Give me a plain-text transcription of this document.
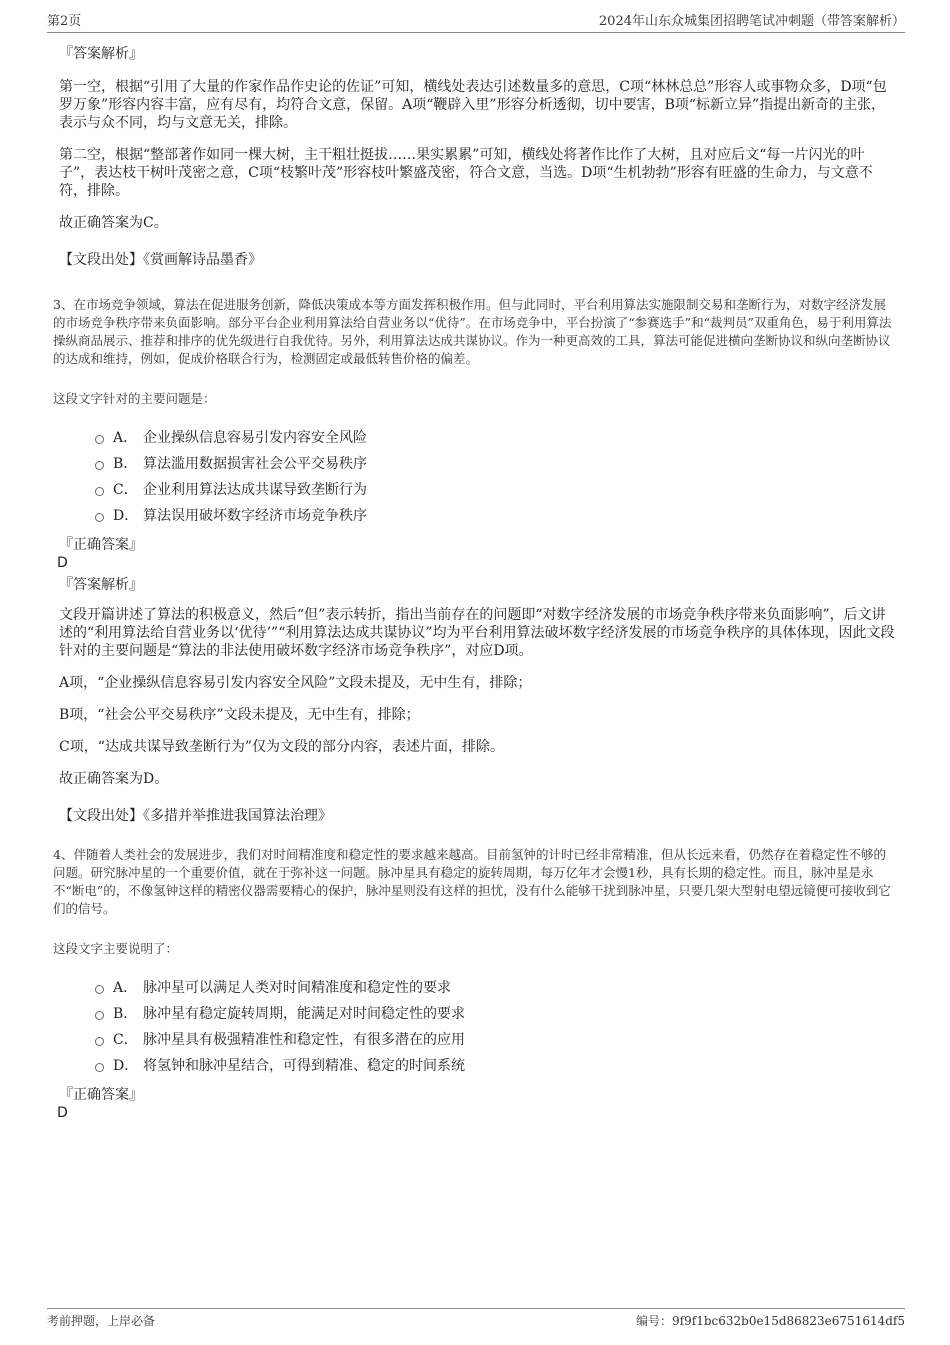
第2页	2024年山东众城集团招聘笔试冲刺题（带答案解析）
『答案解析』
第一空，根据“引用了大量的作家作品作史论的佐证”可知，横线处表达引述数量多的意思，C项“林林总总”形容人或事物众多，D项“包罗万象”形容内容丰富，应有尽有，均符合文意，保留。A项“鞭辟入里”形容分析透彻，切中要害，B项“标新立异”指提出新奇的主张，表示与众不同，均与文意无关，排除。
第二空，根据“整部著作如同一棵大树，主干粗壮挺拔……果实累累”可知，横线处将著作比作了大树，且对应后文“每一片闪光的叶子”，表达枝干树叶茂密之意，C项“枝繁叶茂”形容枝叶繁盛茂密，符合文意，当选。D项“生机勃勃”形容有旺盛的生命力，与文意不符，排除。
故正确答案为C。
【文段出处】《赏画解诗品墨香》
3、在市场竞争领域，算法在促进服务创新，降低决策成本等方面发挥积极作用。但与此同时，平台利用算法实施限制交易和垄断行为，对数字经济发展的市场竞争秩序带来负面影响。部分平台企业利用算法给自营业务以“优待”。在市场竞争中，平台扮演了“参赛选手”和“裁判员”双重角色，易于利用算法操纵商品展示、推荐和排序的优先级进行自我优待。另外，利用算法达成共谋协议。作为一种更高效的工具，算法可能促进横向垄断协议和纵向垄断协议的达成和维持，例如，促成价格联合行为，检测固定或最低转售价格的偏差。
这段文字针对的主要问题是：
A． 企业操纵信息容易引发内容安全风险
B． 算法滥用数据损害社会公平交易秩序
C． 企业利用算法达成共谋导致垄断行为
D． 算法误用破坏数字经济市场竞争秩序
『正确答案』
D
『答案解析』
文段开篇讲述了算法的积极意义，然后“但”表示转折，指出当前存在的问题即“对数字经济发展的市场竞争秩序带来负面影响”，后文讲述的“利用算法给自营业务以‘优待’”“利用算法达成共谋协议”均为平台利用算法破坏数字经济发展的市场竞争秩序的具体体现，因此文段针对的主要问题是“算法的非法使用破坏数字经济市场竞争秩序”，对应D项。
A项，“企业操纵信息容易引发内容安全风险”文段未提及，无中生有，排除；
B项，“社会公平交易秩序”文段未提及，无中生有，排除；
C项，“达成共谋导致垄断行为”仅为文段的部分内容，表述片面，排除。
故正确答案为D。
【文段出处】《多措并举推进我国算法治理》
4、伴随着人类社会的发展进步，我们对时间精准度和稳定性的要求越来越高。目前氢钟的计时已经非常精准，但从长远来看，仍然存在着稳定性不够的问题。研究脉冲星的一个重要价值，就在于弥补这一问题。脉冲星具有稳定的旋转周期，每万亿年才会慢1秒，具有长期的稳定性。而且，脉冲星是永不“断电”的，不像氢钟这样的精密仪器需要精心的保护，脉冲星则没有这样的担忧，没有什么能够干扰到脉冲星，只要几架大型射电望远镜便可接收到它们的信号。
这段文字主要说明了：
A． 脉冲星可以满足人类对时间精准度和稳定性的要求
B． 脉冲星有稳定旋转周期，能满足对时间稳定性的要求
C． 脉冲星具有极强精准性和稳定性，有很多潜在的应用
D． 将氢钟和脉冲星结合，可得到精准、稳定的时间系统
『正确答案』
D
考前押题，上岸必备	编号：9f9f1bc632b0e15d86823e6751614df5
